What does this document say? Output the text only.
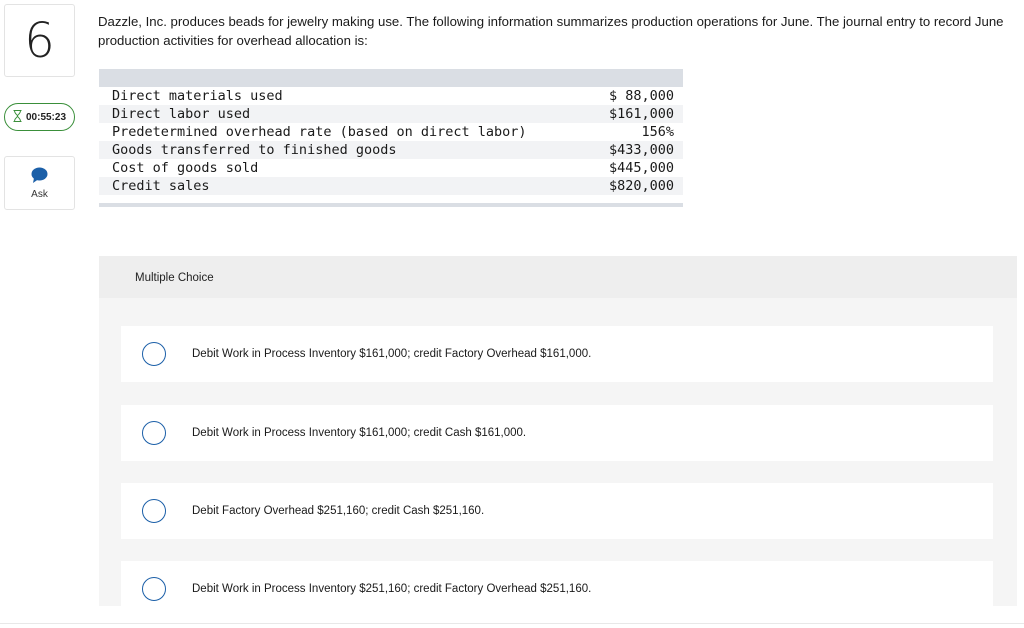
6
00:55:23
Ask
Dazzle, Inc. produces beads for jewelry making use. The following information summarizes production operations for June. The journal entry to record June production activities for overhead allocation is:
Direct materials used	$ 88,000
Direct labor used	$161,000
Predetermined overhead rate (based on direct labor)	156%
Goods transferred to finished goods	$433,000
Cost of goods sold	$445,000
Credit sales	$820,000
Multiple Choice
Debit Work in Process Inventory $161,000; credit Factory Overhead $161,000.
Debit Work in Process Inventory $161,000; credit Cash $161,000.
Debit Factory Overhead $251,160; credit Cash $251,160.
Debit Work in Process Inventory $251,160; credit Factory Overhead $251,160.
